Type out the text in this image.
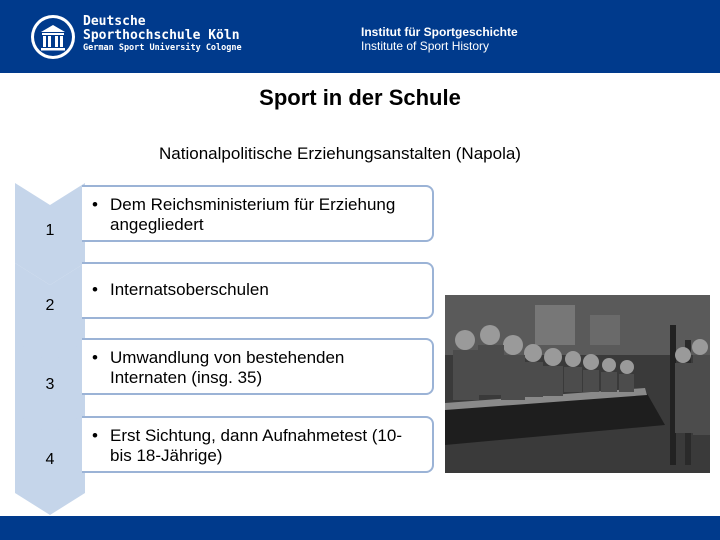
Deutsche
Sporthochschule Köln
German Sport University Cologne
Institut für Sportgeschichte
Institute of Sport History
Sport in der Schule
Nationalpolitische Erziehungsanstalten (Napola)
1
2
3
4
• Dem Reichsministerium für Erziehung angegliedert
• Internatsoberschulen
• Umwandlung von bestehenden Internaten (insg. 35)
• Erst Sichtung, dann Aufnahmetest (10- bis 18-Jährige)
